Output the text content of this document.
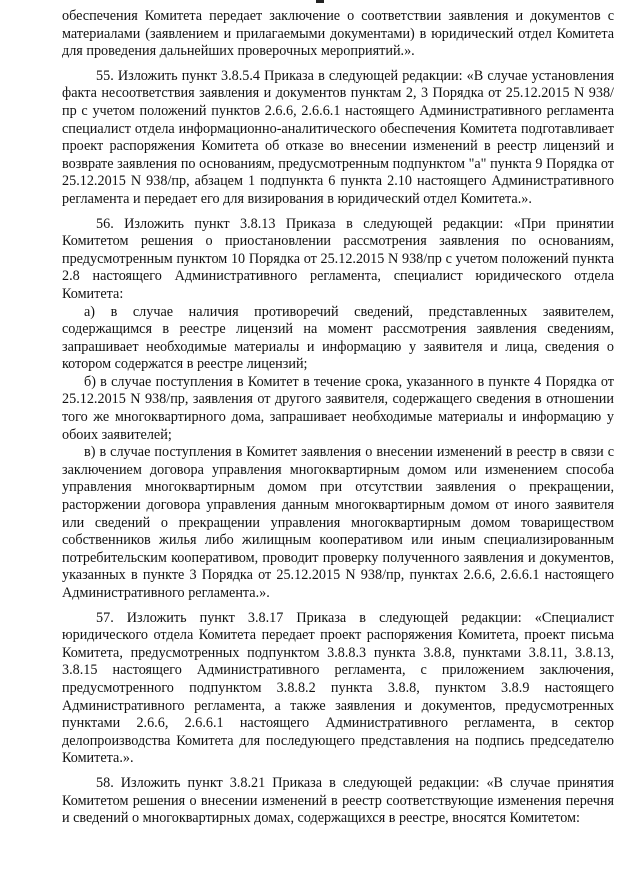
обеспечения Комитета передает заключение о соответствии заявления и документов с материалами (заявлением и прилагаемыми документами) в юридический отдел Комитета для проведения дальнейших проверочных мероприятий.».

55. Изложить пункт 3.8.5.4 Приказа в следующей редакции: «В случае установления факта несоответствия заявления и документов пунктам 2, 3 Порядка от 25.12.2015 N 938/пр с учетом положений пунктов 2.6.6, 2.6.6.1 настоящего Административного регламента специалист отдела информационно-аналитического обеспечения Комитета подготавливает проект распоряжения Комитета об отказе во внесении изменений в реестр лицензий и возврате заявления по основаниям, предусмотренным подпунктом "а" пункта 9 Порядка от 25.12.2015 N 938/пр, абзацем 1 подпункта 6 пункта 2.10 настоящего Административного регламента и передает его для визирования в юридический отдел Комитета.».

56. Изложить пункт 3.8.13 Приказа в следующей редакции: «При принятии Комитетом решения о приостановлении рассмотрения заявления по основаниям, предусмотренным пунктом 10 Порядка от 25.12.2015 N 938/пр с учетом положений пункта 2.8 настоящего Административного регламента, специалист юридического отдела Комитета:

а) в случае наличия противоречий сведений, представленных заявителем, содержащимся в реестре лицензий на момент рассмотрения заявления сведениям, запрашивает необходимые материалы и информацию у заявителя и лица, сведения о котором содержатся в реестре лицензий;

б) в случае поступления в Комитет в течение срока, указанного в пункте 4 Порядка от 25.12.2015 N 938/пр, заявления от другого заявителя, содержащего сведения в отношении того же многоквартирного дома, запрашивает необходимые материалы и информацию у обоих заявителей;

в) в случае поступления в Комитет заявления о внесении изменений в реестр в связи с заключением договора управления многоквартирным домом или изменением способа управления многоквартирным домом при отсутствии заявления о прекращении, расторжении договора управления данным многоквартирным домом от иного заявителя или сведений о прекращении управления многоквартирным домом товариществом собственников жилья либо жилищным кооперативом или иным специализированным потребительским кооперативом, проводит проверку полученного заявления и документов, указанных в пункте 3 Порядка от 25.12.2015 N 938/пр, пунктах 2.6.6, 2.6.6.1 настоящего Административного регламента.».

57. Изложить пункт 3.8.17 Приказа в следующей редакции: «Специалист юридического отдела Комитета передает проект распоряжения Комитета, проект письма Комитета, предусмотренных подпунктом 3.8.8.3 пункта 3.8.8, пунктами 3.8.11, 3.8.13, 3.8.15 настоящего Административного регламента, с приложением заключения, предусмотренного подпунктом 3.8.8.2 пункта 3.8.8, пунктом 3.8.9 настоящего Административного регламента, а также заявления и документов, предусмотренных пунктами 2.6.6, 2.6.6.1 настоящего Административного регламента, в сектор делопроизводства Комитета для последующего представления на подпись председателю Комитета.».

58. Изложить пункт 3.8.21 Приказа в следующей редакции: «В случае принятия Комитетом решения о внесении изменений в реестр соответствующие изменения перечня и сведений о многоквартирных домах, содержащихся в реестре, вносятся Комитетом:
